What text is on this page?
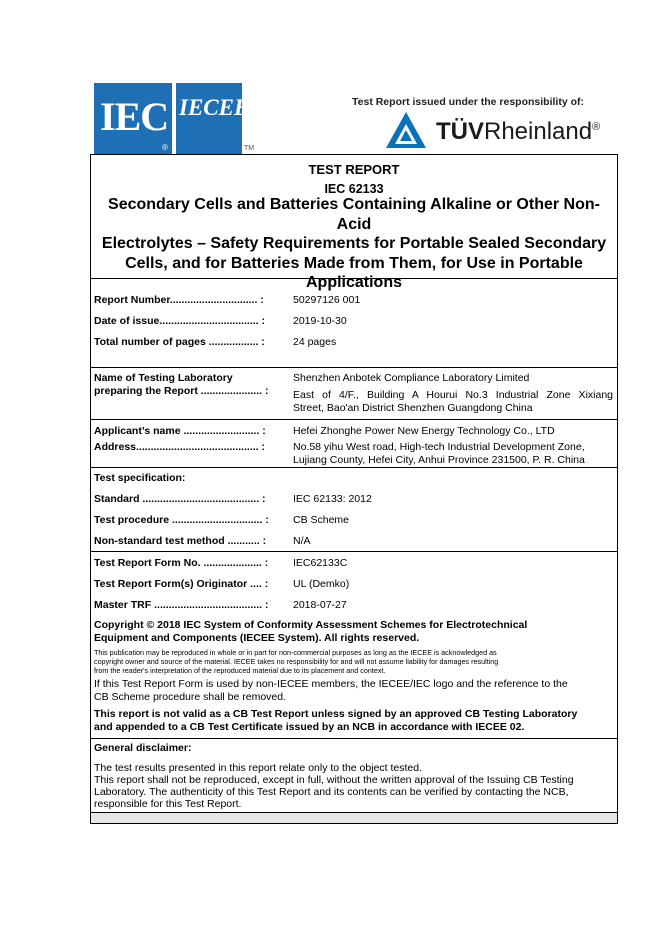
IEC
®
IECEE
TM
Test Report issued under the responsibility of:
TÜVRheinland®
TEST REPORT
IEC 62133
Secondary Cells and Batteries Containing Alkaline or Other Non-Acid
Electrolytes – Safety Requirements for Portable Sealed Secondary
Cells, and for Batteries Made from Them, for Use in Portable
Applications
Report Number.............................. :	50297126 001
Date of issue.................................. :	2019-10-30
Total number of pages ................. :	24 pages
Name of Testing Laboratory
preparing the Report ..................... :
Shenzhen Anbotek Compliance Laboratory Limited
East of 4/F., Building A Hourui No.3 Industrial Zone Xixiang
Street, Bao'an District Shenzhen Guangdong China
Applicant’s name .......................... :	Hefei Zhonghe Power New Energy Technology Co., LTD
Address.......................................... :	No.58 yihu West road, High-tech Industrial Development Zone,
Lujiang County, Hefei City, Anhui Province 231500, P. R. China
Test specification:
Standard ........................................ :	IEC 62133: 2012
Test procedure ............................... : CB Scheme
Non-standard test method ........... :	N/A
Test Report Form No. .................... : IEC62133C
Test Report Form(s) Originator .... : UL (Demko)
Master TRF ..................................... : 2018-07-27
Copyright © 2018 IEC System of Conformity Assessment Schemes for Electrotechnical
Equipment and Components (IECEE System). All rights reserved.
This publication may be reproduced in whole or in part for non-commercial purposes as long as the IECEE is acknowledged as
copyright owner and source of the material. IECEE takes no responsibility for and will not assume liability for damages resulting
from the reader's interpretation of the reproduced material due to its placement and context.
If this Test Report Form is used by non-IECEE members, the IECEE/IEC logo and the reference to the
CB Scheme procedure shall be removed.
This report is not valid as a CB Test Report unless signed by an approved CB Testing Laboratory
and appended to a CB Test Certificate issued by an NCB in accordance with IECEE 02.
General disclaimer:
The test results presented in this report relate only to the object tested.
This report shall not be reproduced, except in full, without the written approval of the Issuing CB Testing
Laboratory. The authenticity of this Test Report and its contents can be verified by contacting the NCB,
responsible for this Test Report.
